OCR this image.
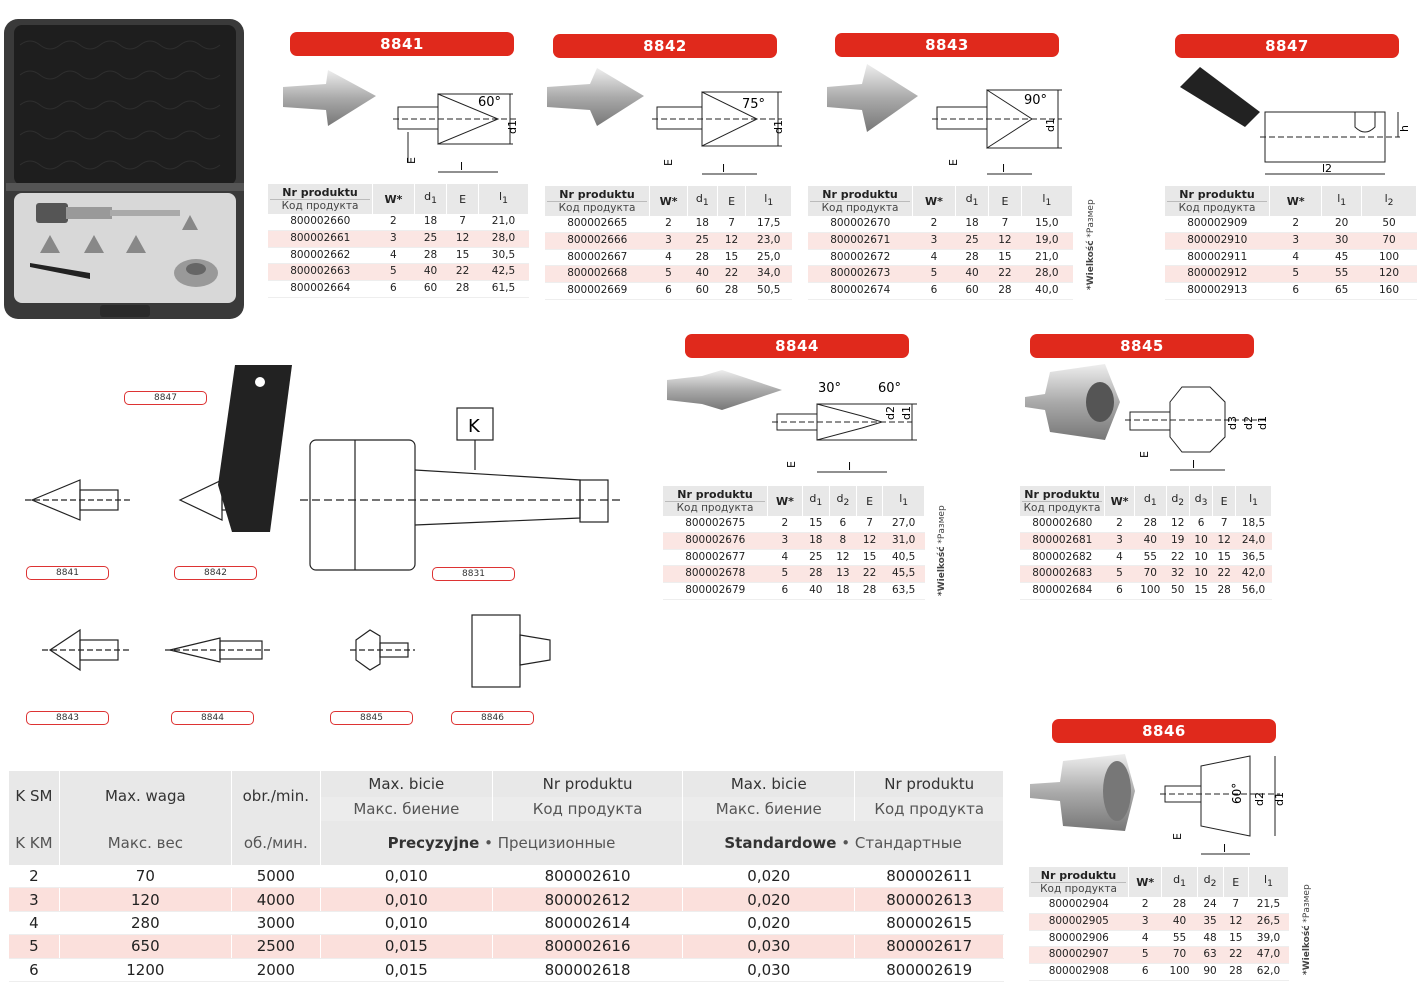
8841
60°
l
d1
E
Nr produktu
Код продукта	W*	$d_1$	E	$l_1$
800002660	2	18	7	21,0
800002661	3	25	12	28,0
800002662	4	28	15	30,5
800002663	5	40	22	42,5
800002664	6	60	28	61,5
8842
75°
l
d1
E
Nr produktu
Код продукта	W*	$d_1$	E	$l_1$
800002665	2	18	7	17,5
800002666	3	25	12	23,0
800002667	4	28	15	25,0
800002668	5	40	22	34,0
800002669	6	60	28	50,5
8843
90°
l
d1
E
Nr produktu
Код продукта	W*	$d_1$	E	$l_1$
800002670	2	18	7	15,0
800002671	3	25	12	19,0
800002672	4	28	15	21,0
800002673	5	40	22	28,0
800002674	6	60	28	40,0
*Wielkość *Размер
8847
l2
h
Nr produktu
Код продукта	W*	$l_1$	$l_2$
800002909	2	20	50
800002910	3	30	70
800002911	4	45	100
800002912	5	55	120
800002913	6	65	160
K
8847
8841	8842	8831
8843	8844	8845	8846
8844
30°	60°
l
d2 d1
E
Nr produktu
Код продукта	W*	$d_1$	$d_2$	E	$l_1$
800002675	2	15	6	7	27,0
800002676	3	18	8	12	31,0
800002677	4	25	12	15	40,5
800002678	5	28	13	22	45,5
800002679	6	40	18	28	63,5 *Wielkość *Размер
8845
l
d3 d2 d1
E
Nr produktu
Код продукта	W*	$d_1$	$d_2$	$d_3$	E	$l_1$
800002680	2	28	12	6	7	18,5
800002681	3	40	19	10	12	24,0
800002682	4	55	22	10	15	36,5
800002683	5	70	32	10	22	42,0
800002684	6	100	50	15	28	56,0
8846
l
60° d2 d1
E
Nr produktu
Код продукта	W*	$d_1$	$d_2$	E	$l_1$
800002904	2	28	24	7	21,5
800002905	3	40	35	12	26,5
800002906	4	55	48	15	39,0
800002907	5	70	63	22	47,0
800002908	6	100	90	28	62,0 *Wielkość *Размер
K SM	Max. waga	obr./min.	Max. bicie	Nr produktu	Max. bicie	Nr produktu
			Макс. биение	Код продукта	Макс. биение	Код продукта
K KM	Макс. вес	об./мин.	Precyzyjne • Прецизионные		Standardowe • Стандартные	
2	70	5000	0,010	800002610	0,020	800002611
3	120	4000	0,010	800002612	0,020	800002613
4	280	3000	0,010	800002614	0,020	800002615
5	650	2500	0,015	800002616	0,030	800002617
6	1200	2000	0,015	800002618	0,030	800002619
